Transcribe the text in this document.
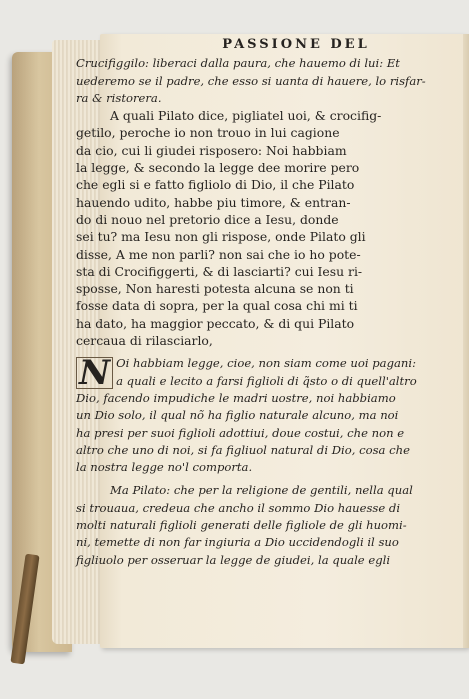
PASSIONE DEL

Crucifiggilo: liberaci dalla paura, che hauemo di lui: Et

uederemo se il padre, che esso si uanta di hauere, lo risfar-

ra & ristorera.

A quali Pilato dice, pigliatel uoi, & crocifig-

getilo, peroche io non trouo in lui cagione

da cio, cui li giudei risposero: Noi habbiam

la legge, & secondo la legge dee morire pero

che egli si e fatto figliolo di Dio, il che Pilato

hauendo udito, habbe piu timore, & entran-

do di nouo nel pretorio dice a Iesu, donde

sei tu? ma Iesu non gli rispose, onde Pilato gli

disse, A me non parli? non sai che io ho pote-

sta di Crocifiggerti, & di lasciarti? cui Iesu ri-

sposse, Non haresti potesta alcuna se non ti

fosse data di sopra, per la qual cosa chi mi ti

ha dato, ha maggior peccato, & di qui Pilato

cercaua di rilasciarlo,

N Oi habbiam legge, cioe, non siam come uoi pagani:

a quali e lecito a farsi figlioli di q̃sto o di quell'altro

Dio, facendo impudiche le madri uostre, noi habbiamo

un Dio solo, il qual nõ ha figlio naturale alcuno, ma noi

ha presi per suoi figlioli adottiui, doue costui, che non e

altro che uno di noi, si fa figliuol natural di Dio, cosa che

la nostra legge no'l comporta.

Ma Pilato: che per la religione de gentili, nella qual

si trouaua, credeua che ancho il sommo Dio hauesse di

molti naturali figlioli generati delle figliole de gli huomi-

ni, temette di non far ingiuria a Dio uccidendogli il suo

figliuolo per osseruar la legge de giudei, la quale egli
